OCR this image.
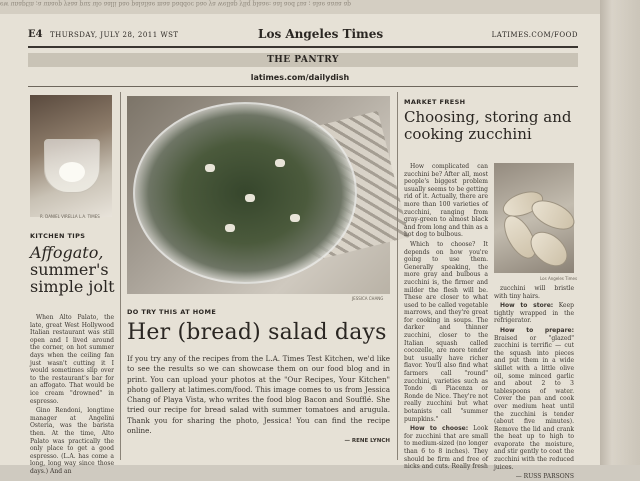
ew unaptin ;a unaop ysaa puz ulo aalli bao palaliae maa baddoc bao ya wellap yliq plaae: aal aod tua ; alae aaua ap
E4 THURSDAY, JULY 28, 2011 WST	Los Angeles Times	LATIMES.COM/FOOD
THE PANTRY
latimes.com/dailydish
R. DANIEL VIRELLA L.A. TIMES
KITCHEN TIPS
Affogato, summer's simple jolt

When Alto Palato, the late, great West Hollywood Italian restaurant was still open and I lived around the corner, on hot summer days when the ceiling fan just wasn't cutting it I would sometimes slip over to the restaurant's bar for an affogato. That would be ice cream "drowned" in espresso.

Gino Rendoni, longtime manager at Angelini Osteria, was the barista then. At the time, Alto Palato was practically the only place to get a good espresso. (L.A. has come a long, long way since those days.) And an

JESSICA CHANG
DO TRY THIS AT HOME
Her (bread) salad days
If you try any of the recipes from the L.A. Times Test Kitchen, we'd like to see the results so we can showcase them on our food blog and in print. You can upload your photos at the "Our Recipes, Your Kitchen" photo gallery at latimes.com/food. This image comes to us from Jessica Chang of Playa Vista, who writes the food blog Bacon and Soufflé. She tried our recipe for bread salad with summer tomatoes and arugula. Thank you for sharing the photo, Jessica! You can find the recipe online.
— RENE LYNCH
MARKET FRESH
Choosing, storing and cooking zucchini

How complicated can zucchini be? After all, most people's biggest problem usually seems to be getting rid of it. Actually, there are more than 100 varieties of zucchini, ranging from gray-green to almost black and from long and thin as a hot dog to bulbous.

Which to choose? It depends on how you're going to use them. Generally speaking, the more gray and bulbous a zucchini is, the firmer and milder the flesh will be. These are closer to what used to be called vegetable marrows, and they're great for cooking in soups. The darker and thinner zucchini, closer to the Italian squash called cocozelle, are more tender but usually have richer flavor. You'll also find what farmers call "round" zucchini, varieties such as Tondo di Piacenza or Ronde de Nice. They're not really zucchini but what botanists call "summer pumpkins."

How to choose: Look for zucchini that are small to medium-sized (no longer than 6 to 8 inches). They should be firm and free of nicks and cuts. Really fresh

Los Angeles Times

zucchini will bristle with tiny hairs.

How to store: Keep tightly wrapped in the refrigerator.

How to prepare: Braised or "glazed" zucchini is terrific — cut the squash into pieces and put them in a wide skillet with a little olive oil, some minced garlic and about 2 to 3 tablespoons of water. Cover the pan and cook over medium heat until the zucchini is tender (about five minutes). Remove the lid and crank the heat up to high to evaporate the moisture, and stir gently to coat the zucchini with the reduced juices.

— RUSS PARSONS
